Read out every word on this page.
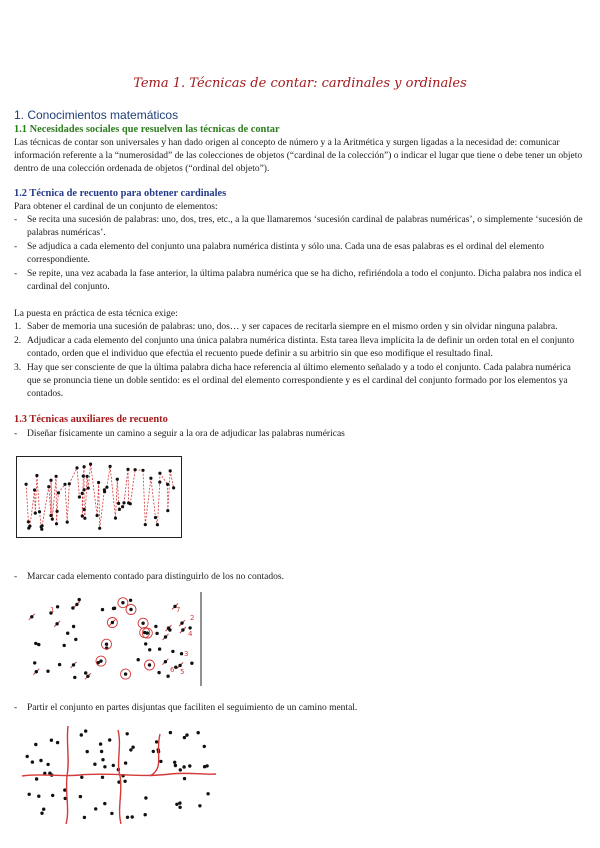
Tema 1. Técnicas de contar: cardinales y ordinales
1. Conocimientos matemáticos
1.1 Necesidades sociales que resuelven las técnicas de contar
Las técnicas de contar son universales y han dado origen al concepto de número y a la Aritmética y surgen ligadas a la necesidad de: comunicar información referente a la “numerosidad” de las colecciones de objetos (“cardinal de la colección”) o indicar el lugar que tiene o debe tener un objeto dentro de una colección ordenada de objetos (“ordinal del objeto”).
1.2 Técnica de recuento para obtener cardinales
Para obtener el cardinal de un conjunto de elementos:
- Se recita una sucesión de palabras: uno, dos, tres, etc., a la que llamaremos ‘sucesión cardinal de palabras numéricas’, o simplemente ‘sucesión de palabras numéricas’.
- Se adjudica a cada elemento del conjunto una palabra numérica distinta y sólo una. Cada una de esas palabras es el ordinal del elemento correspondiente.
- Se repite, una vez acabada la fase anterior, la última palabra numérica que se ha dicho, refiriéndola a todo el conjunto. Dicha palabra nos indica el cardinal del conjunto.
La puesta en práctica de esta técnica exige:
1. Saber de memoria una sucesión de palabras: uno, dos… y ser capaces de recitarla siempre en el mismo orden y sin olvidar ninguna palabra.
2. Adjudicar a cada elemento del conjunto una única palabra numérica distinta. Esta tarea lleva implícita la de definir un orden total en el conjunto contado, orden que el individuo que efectúa el recuento puede definir a su arbitrio sin que eso modifique el resultado final.
3. Hay que ser consciente de que la última palabra dicha hace referencia al último elemento señalado y a todo el conjunto. Cada palabra numérica que se pronuncia tiene un doble sentido: es el ordinal del elemento correspondiente y es el cardinal del conjunto formado por los elementos ya contados.
1.3 Técnicas auxiliares de recuento
- Diseñar físicamente un camino a seguir a la ora de adjudicar las palabras numéricas
- Marcar cada elemento contado para distinguirlo de los no contados.
7
2
4
3
6 5
1
- Partir el conjunto en partes disjuntas que faciliten el seguimiento de un camino mental.
